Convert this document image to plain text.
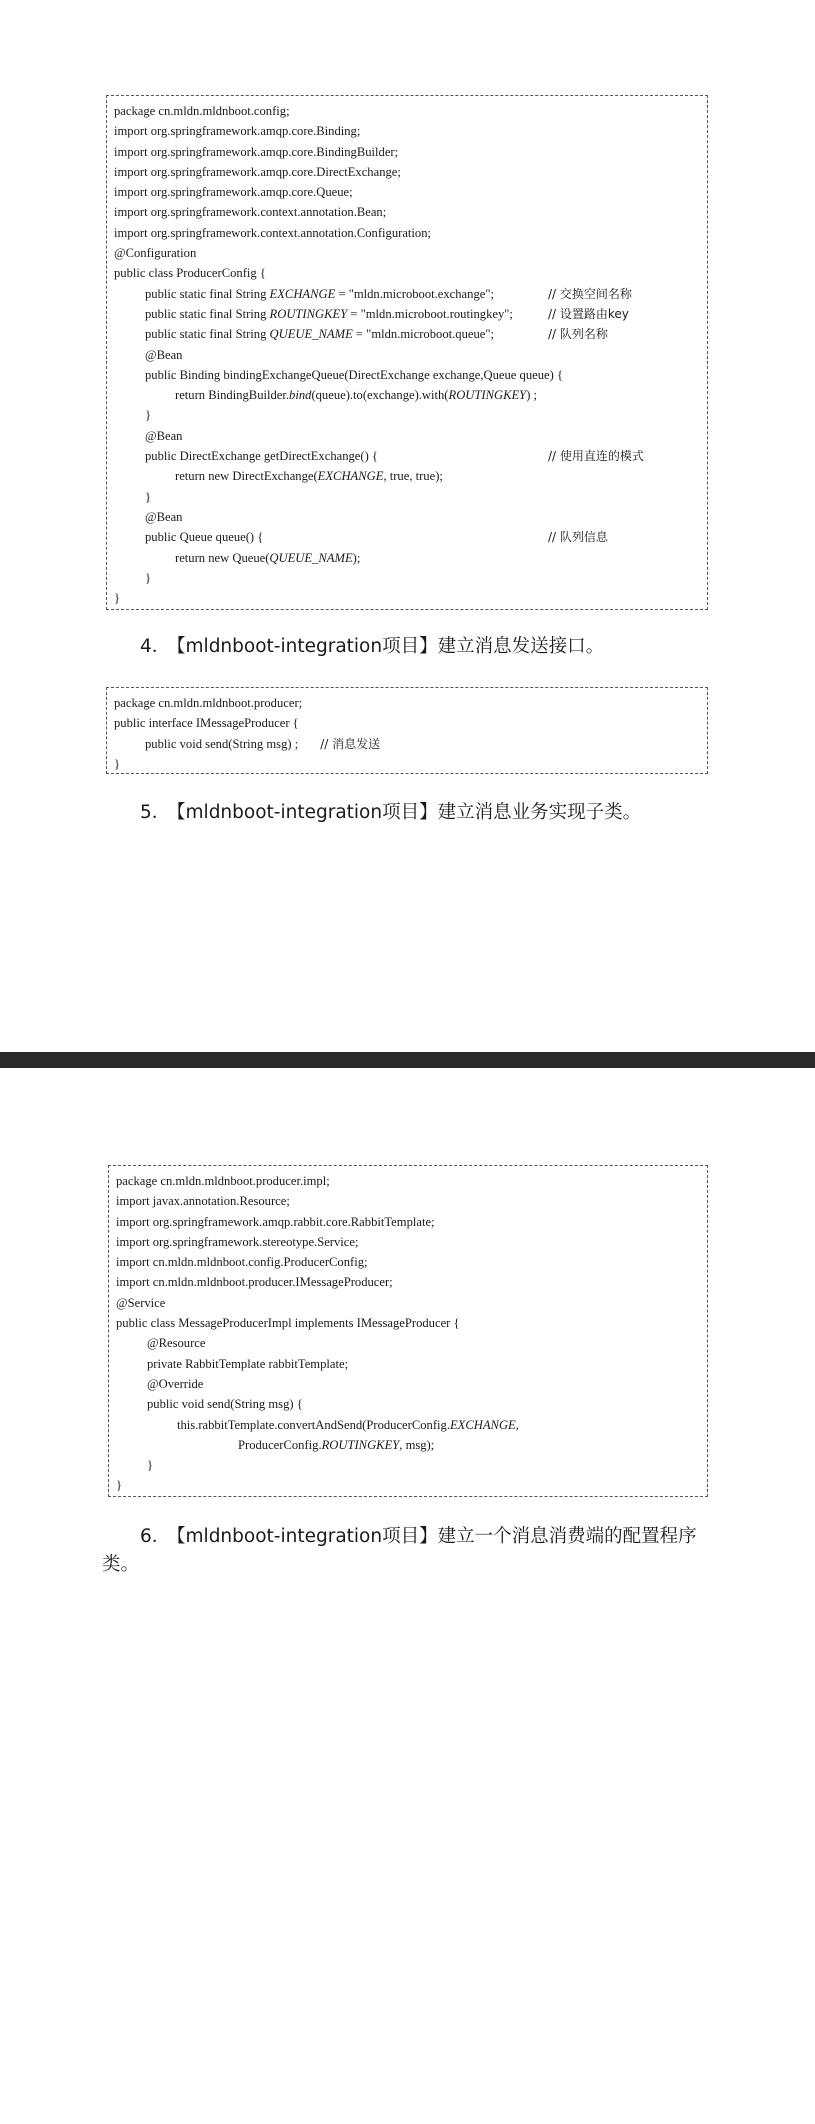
package cn.mldn.mldnboot.config;
import org.springframework.amqp.core.Binding;
import org.springframework.amqp.core.BindingBuilder;
import org.springframework.amqp.core.DirectExchange;
import org.springframework.amqp.core.Queue;
import org.springframework.context.annotation.Bean;
import org.springframework.context.annotation.Configuration;
@Configuration
public class ProducerConfig {
public static final String EXCHANGE = "mldn.microboot.exchange";	// 交换空间名称
public static final String ROUTINGKEY = "mldn.microboot.routingkey";	// 设置路由key
public static final String QUEUE_NAME = "mldn.microboot.queue";	// 队列名称
@Bean
public Binding bindingExchangeQueue(DirectExchange exchange,Queue queue) {
return BindingBuilder.bind(queue).to(exchange).with(ROUTINGKEY) ;
}
@Bean
public DirectExchange getDirectExchange() {	// 使用直连的模式
return new DirectExchange(EXCHANGE, true, true);
}
@Bean
public Queue queue() {	// 队列信息
return new Queue(QUEUE_NAME);
}
}
4． 【mldnboot-integration项目】建立消息发送接口。
package cn.mldn.mldnboot.producer;
public interface IMessageProducer {
public void send(String msg) ; // 消息发送
}
5． 【mldnboot-integration项目】建立消息业务实现子类。
package cn.mldn.mldnboot.producer.impl;
import javax.annotation.Resource;
import org.springframework.amqp.rabbit.core.RabbitTemplate;
import org.springframework.stereotype.Service;
import cn.mldn.mldnboot.config.ProducerConfig;
import cn.mldn.mldnboot.producer.IMessageProducer;
@Service
public class MessageProducerImpl implements IMessageProducer {
@Resource
private RabbitTemplate rabbitTemplate;
@Override
public void send(String msg) {
this.rabbitTemplate.convertAndSend(ProducerConfig.EXCHANGE,
ProducerConfig.ROUTINGKEY, msg);
}
}
6． 【mldnboot-integration项目】建立一个消息消费端的配置程序
类。
